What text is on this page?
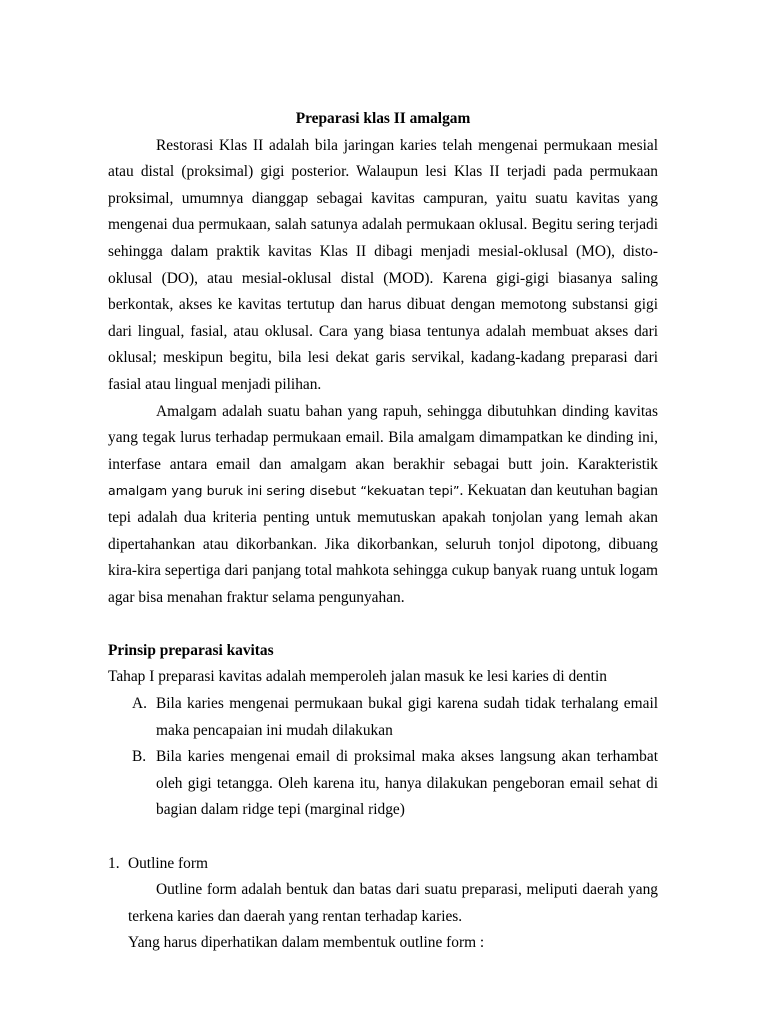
Preparasi klas II amalgam

Restorasi Klas II adalah bila jaringan karies telah mengenai permukaan mesial atau distal (proksimal) gigi posterior. Walaupun lesi Klas II terjadi pada permukaan proksimal, umumnya dianggap sebagai kavitas campuran, yaitu suatu kavitas yang mengenai dua permukaan, salah satunya adalah permukaan oklusal. Begitu sering terjadi sehingga dalam praktik kavitas Klas II dibagi menjadi mesial-oklusal (MO), disto-oklusal (DO), atau mesial-oklusal distal (MOD). Karena gigi-gigi biasanya saling berkontak, akses ke kavitas tertutup dan harus dibuat dengan memotong substansi gigi dari lingual, fasial, atau oklusal. Cara yang biasa tentunya adalah membuat akses dari oklusal; meskipun begitu, bila lesi dekat garis servikal, kadang-kadang preparasi dari fasial atau lingual menjadi pilihan.

Amalgam adalah suatu bahan yang rapuh, sehingga dibutuhkan dinding kavitas yang tegak lurus terhadap permukaan email. Bila amalgam dimampatkan ke dinding ini, interfase antara email dan amalgam akan berakhir sebagai butt join. Karakteristik amalgam yang buruk ini sering disebut “kekuatan tepi”. Kekuatan dan keutuhan bagian tepi adalah dua kriteria penting untuk memutuskan apakah tonjolan yang lemah akan dipertahankan atau dikorbankan. Jika dikorbankan, seluruh tonjol dipotong, dibuang kira-kira sepertiga dari panjang total mahkota sehingga cukup banyak ruang untuk logam agar bisa menahan fraktur selama pengunyahan.

Prinsip preparasi kavitas

Tahap I preparasi kavitas adalah memperoleh jalan masuk ke lesi karies di dentin

A. Bila karies mengenai permukaan bukal gigi karena sudah tidak terhalang email maka pencapaian ini mudah dilakukan
B. Bila karies mengenai email di proksimal maka akses langsung akan terhambat oleh gigi tetangga. Oleh karena itu, hanya dilakukan pengeboran email sehat di bagian dalam ridge tepi (marginal ridge)
1. Outline form

Outline form adalah bentuk dan batas dari suatu preparasi, meliputi daerah yang terkena karies dan daerah yang rentan terhadap karies.

Yang harus diperhatikan dalam membentuk outline form :
